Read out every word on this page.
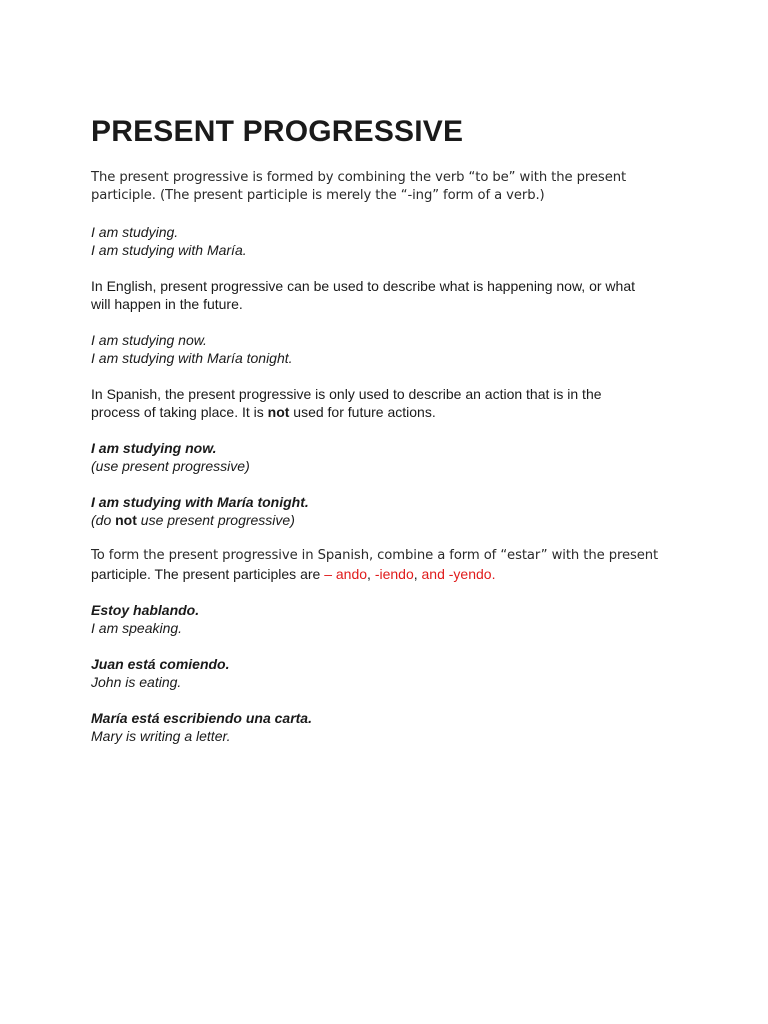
PRESENT PROGRESSIVE

The present progressive is formed by combining the verb “to be” with the present
participle. (The present participle is merely the “-ing” form of a verb.)

I am studying.
I am studying with María.

In English, present progressive can be used to describe what is happening now, or what
will happen in the future.

I am studying now.
I am studying with María tonight.

In Spanish, the present progressive is only used to describe an action that is in the
process of taking place. It is not used for future actions.

I am studying now.
(use present progressive)

I am studying with María tonight.
(do not use present progressive)

To form the present progressive in Spanish, combine a form of “estar” with the present
participle. The present participles are – ando, -iendo, and -yendo.

Estoy hablando.
I am speaking.

Juan está comiendo.
John is eating.

María está escribiendo una carta.
Mary is writing a letter.
